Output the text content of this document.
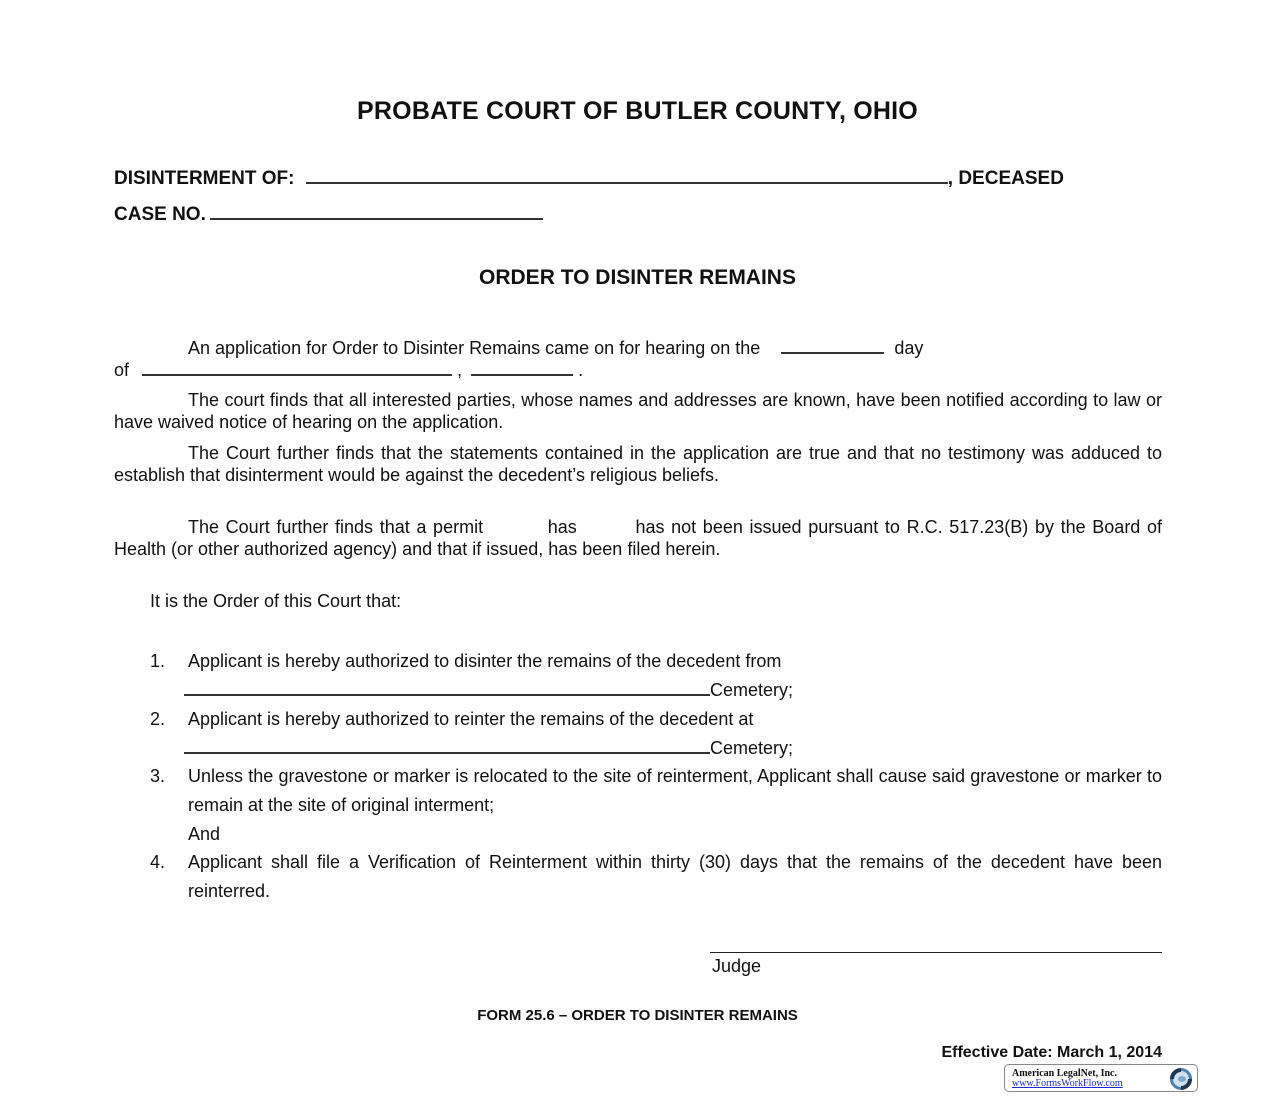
PROBATE COURT OF BUTLER COUNTY, OHIO
DISINTERMENT OF:	, DECEASED
CASE NO.
ORDER TO DISINTER REMAINS
An application for Order to Disinter Remains came on for hearing on the	day
of	,	.
The court finds that all interested parties, whose names and addresses are known, have been notified according to law or have waived notice of hearing on the application.
The Court further finds that the statements contained in the application are true and that no testimony was adduced to establish that disinterment would be against the decedent’s religious beliefs.
The Court further finds that a permit	has	has not been issued pursuant to R.C. 517.23(B) by the Board of Health (or other authorized agency) and that if issued, has been filed herein.
It is the Order of this Court that:
1.	Applicant is hereby authorized to disinter the remains of the decedent from
Cemetery;
2.	Applicant is hereby authorized to reinter the remains of the decedent at
Cemetery;
3.	Unless the gravestone or marker is relocated to the site of reinterment, Applicant shall cause said gravestone or marker to remain at the site of original interment;
And
4.	Applicant shall file a Verification of Reinterment within thirty (30) days that the remains of the decedent have been reinterred.
Judge
FORM 25.6 – ORDER TO DISINTER REMAINS
Effective Date: March 1, 2014
American LegalNet, Inc.
www.FormsWorkFlow.com
